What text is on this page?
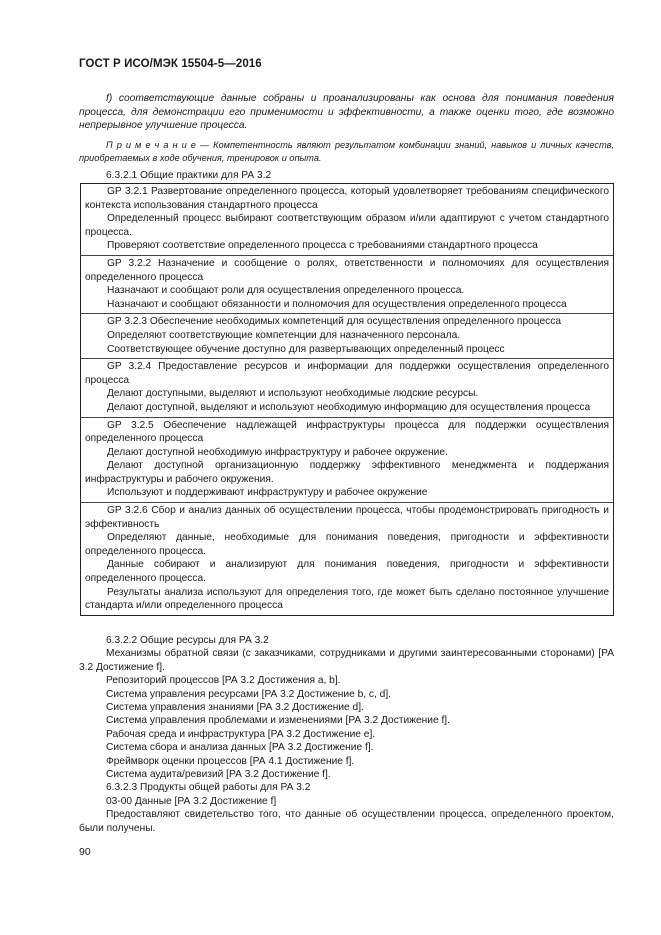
ГОСТ Р ИСО/МЭК 15504-5—2016
f) соответствующие данные собраны и проанализированы как основа для понимания поведения процесса, для демонстрации его применимости и эффективности, а также оценки того, где возможно непрерывное улучшение процесса.
П р и м е ч а н и е — Компетентность являют результатом комбинации знаний, навыков и личных качеств, приобретаемых в ходе обучения, тренировок и опыта.
6.3.2.1 Общие практики для РА 3.2
GP 3.2.1 Развертование определенного процесса, который удовлетворяет требованиям специфического контекста использования стандартного процесса
Определенный процесс выбирают соответствующим образом и/или адаптируют с учетом стандартного процесса.
Проверяют соответствие определенного процесса с требованиями стандартного процесса
GP 3.2.2 Назначение и сообщение о ролях, ответственности и полномочиях для осуществления определенного процесса
Назначают и сообщают роли для осуществления определенного процесса.
Назначают и сообщают обязанности и полномочия для осуществления определенного процесса
GP 3.2.3 Обеспечение необходимых компетенций для осуществления определенного процесса
Определяют соответствующие компетенции для назначенного персонала.
Соответствующее обучение доступно для развертывающих определенный процесс
GP 3.2.4 Предоставление ресурсов и информации для поддержки осуществления определенного процесса
Делают доступными, выделяют и используют необходимые людские ресурсы.
Делают доступной, выделяют и используют необходимую информацию для осуществления процесса
GP 3.2.5 Обеспечение надлежащей инфраструктуры процесса для поддержки осуществления определенного процесса
Делают доступной необходимую инфраструктуру и рабочее окружение.
Делают доступной организационную поддержку эффективного менеджмента и поддержания инфраструктуры и рабочего окружения.
Используют и поддерживают инфраструктуру и рабочее окружение
GP 3.2.6 Сбор и анализ данных об осуществлении процесса, чтобы продемонстрировать пригодность и эффективность
Определяют данные, необходимые для понимания поведения, пригодности и эффективности определенного процесса.
Данные собирают и анализируют для понимания поведения, пригодности и эффективности определенного процесса.
Результаты анализа используют для определения того, где может быть сделано постоянное улучшение стандарта и/или определенного процесса
6.3.2.2 Общие ресурсы для РА 3.2
Механизмы обратной связи (с заказчиками, сотрудниками и другими заинтересованными сторонами) [РА 3.2 Достижение f].
Репозиторий процессов [РА 3.2 Достижения a, b].
Система управления ресурсами [РА 3.2 Достижение b, c, d].
Система управления знаниями [РА 3.2 Достижение d].
Система управления проблемами и изменениями [РА 3.2 Достижение f].
Рабочая среда и инфраструктура [РА 3.2 Достижение e].
Система сбора и анализа данных [РА 3.2 Достижение f].
Фреймворк оценки процессов [РА 4.1 Достижение f].
Система аудита/ревизий [РА 3.2 Достижение f].
6.3.2.3 Продукты общей работы для РА 3.2
03-00 Данные [РА 3.2 Достижение f]
Предоставляют свидетельство того, что данные об осуществлении процесса, определенного проектом, были получены.
90
